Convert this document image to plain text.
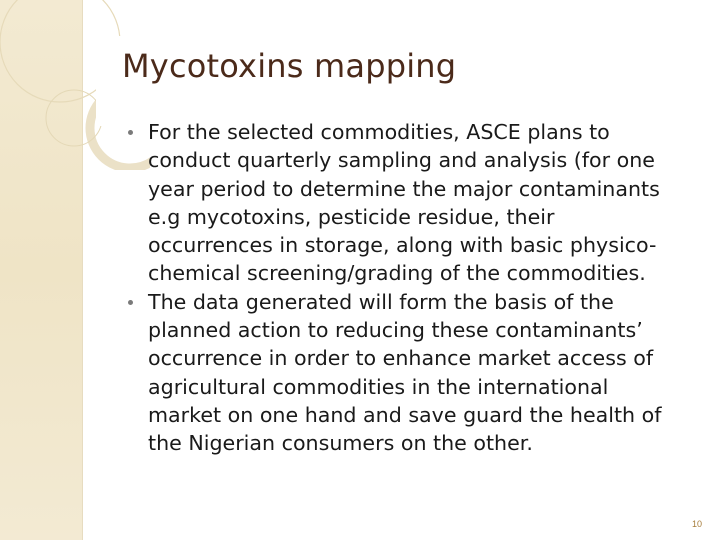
Mycotoxins mapping
For the selected commodities, ASCE plans to
conduct quarterly sampling and analysis (for one
year period to determine the major contaminants
e.g mycotoxins, pesticide residue, their
occurrences in storage, along with basic physico-
chemical screening/grading of the commodities.
The data generated will form the basis of the
planned action to reducing these contaminants’
occurrence in order to enhance market access of
agricultural commodities in the international
market on one hand and save guard the health of
the Nigerian consumers on the other.
10
